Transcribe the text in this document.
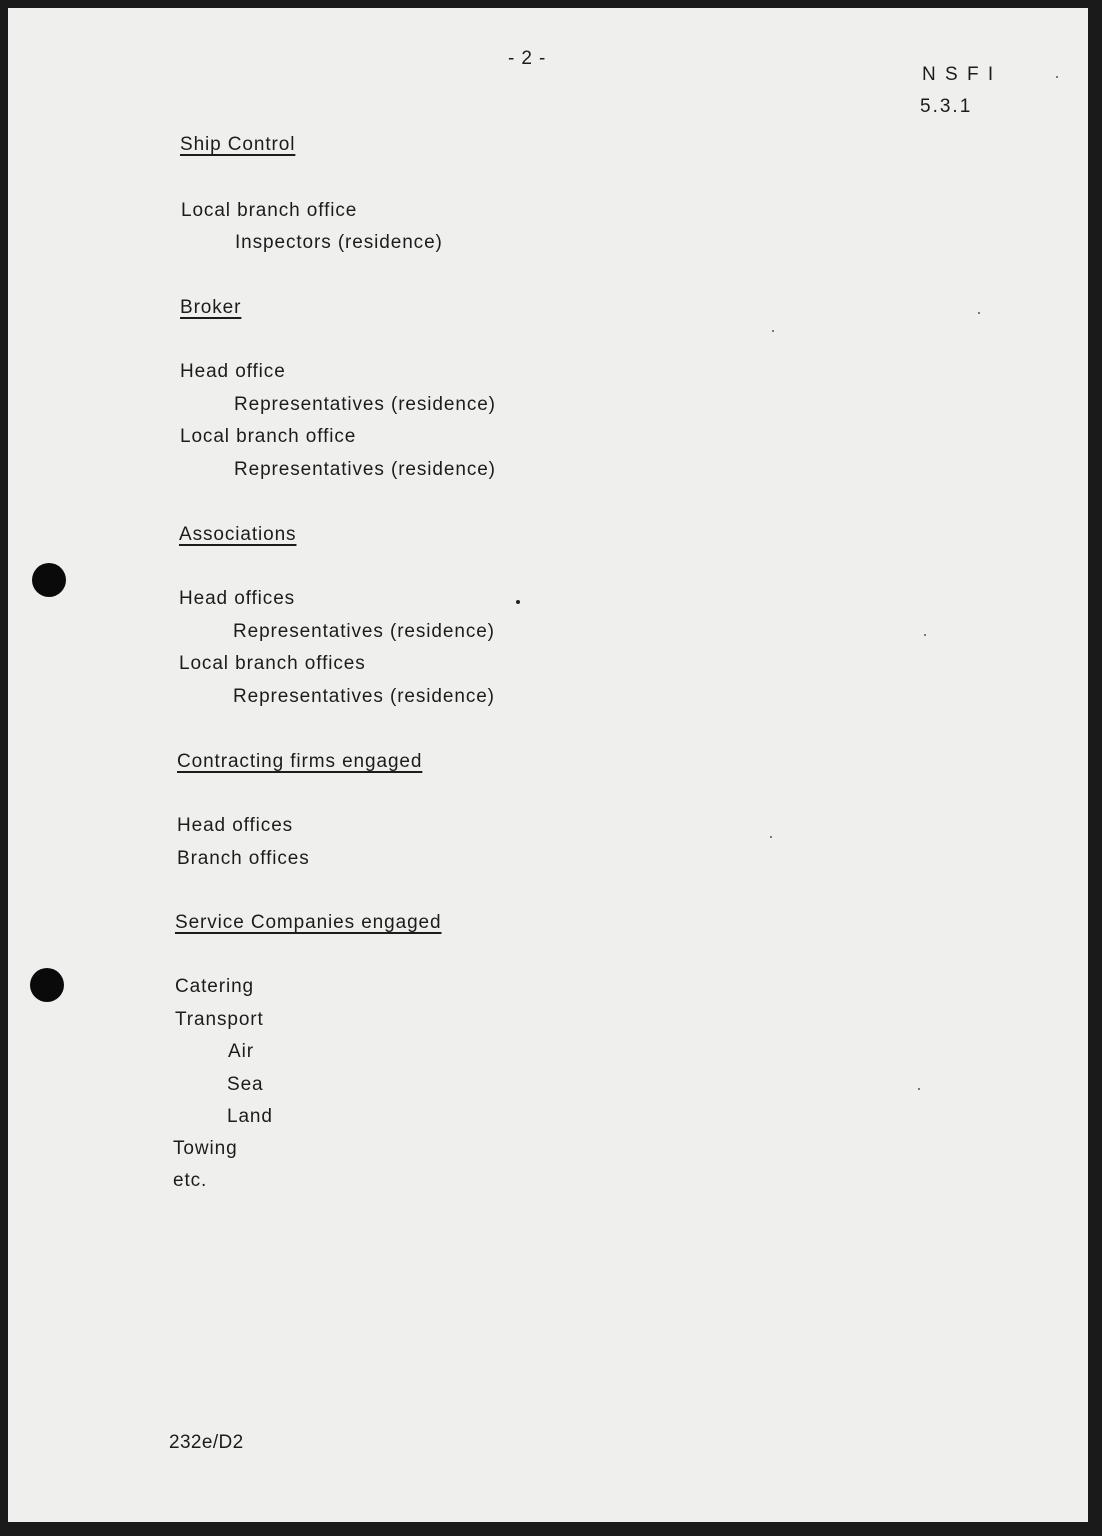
- 2 -
N S F I
5.3.1
Ship Control
Local branch office
Inspectors (residence)
Broker
Head office
Representatives (residence)
Local branch office
Representatives (residence)
Associations
Head offices
Representatives (residence)
Local branch offices
Representatives (residence)
Contracting firms engaged
Head offices
Branch offices
Service Companies engaged
Catering
Transport
Air
Sea
Land
Towing
etc.
232e/D2
